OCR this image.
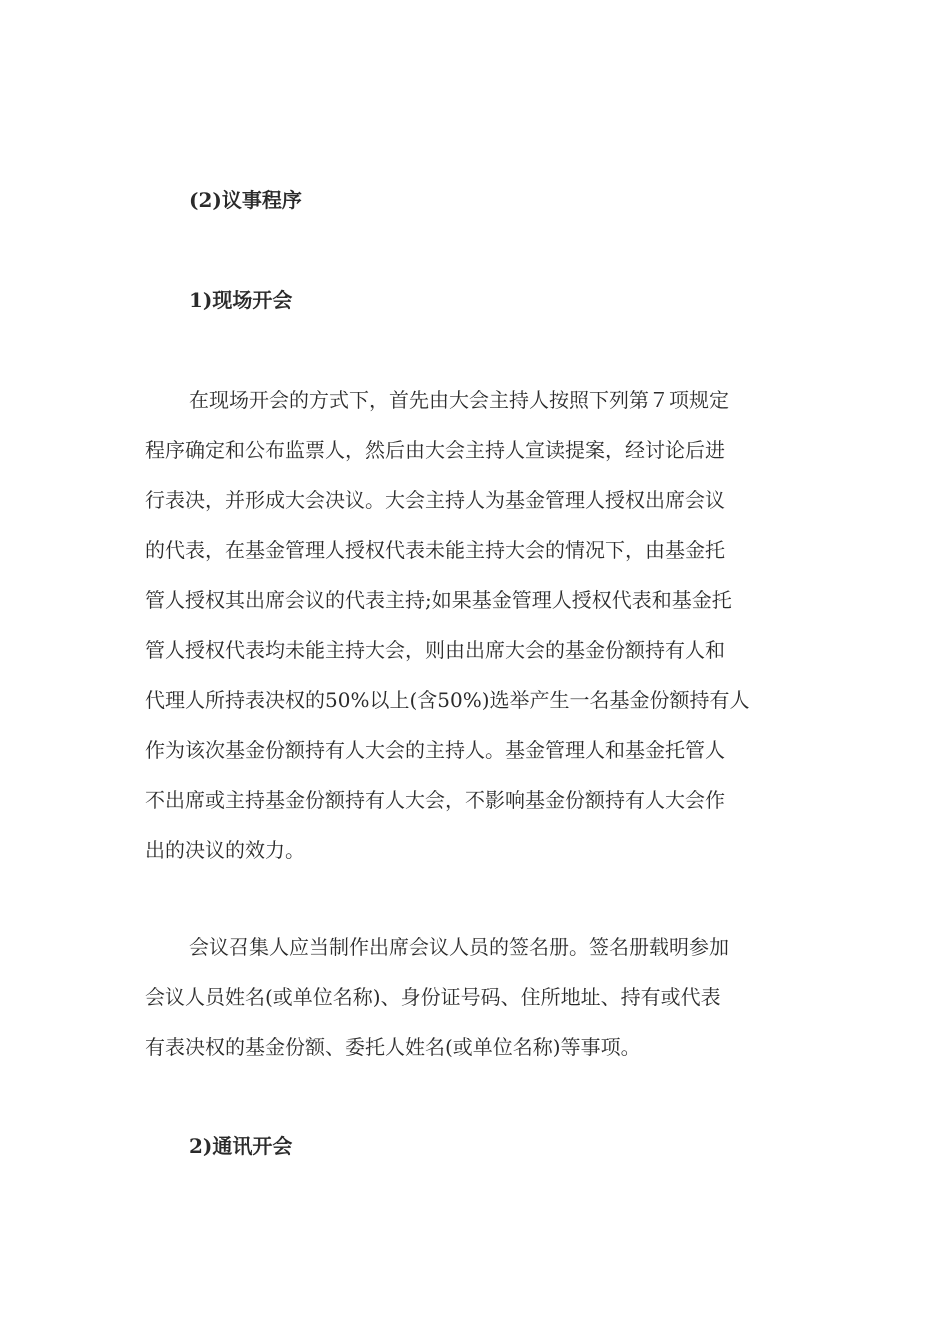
(2)议事程序
1)现场开会

在现场开会的方式下，首先由大会主持人按照下列第７项规定
程序确定和公布监票人，然后由大会主持人宣读提案，经讨论后进
行表决，并形成大会决议。大会主持人为基金管理人授权出席会议
的代表，在基金管理人授权代表未能主持大会的情况下，由基金托
管人授权其出席会议的代表主持;如果基金管理人授权代表和基金托
管人授权代表均未能主持大会，则由出席大会的基金份额持有人和
代理人所持表决权的50%以上(含50%)选举产生一名基金份额持有人
作为该次基金份额持有人大会的主持人。基金管理人和基金托管人
不出席或主持基金份额持有人大会，不影响基金份额持有人大会作
出的决议的效力。

会议召集人应当制作出席会议人员的签名册。签名册载明参加
会议人员姓名(或单位名称)、身份证号码、住所地址、持有或代表
有表决权的基金份额、委托人姓名(或单位名称)等事项。

2)通讯开会
